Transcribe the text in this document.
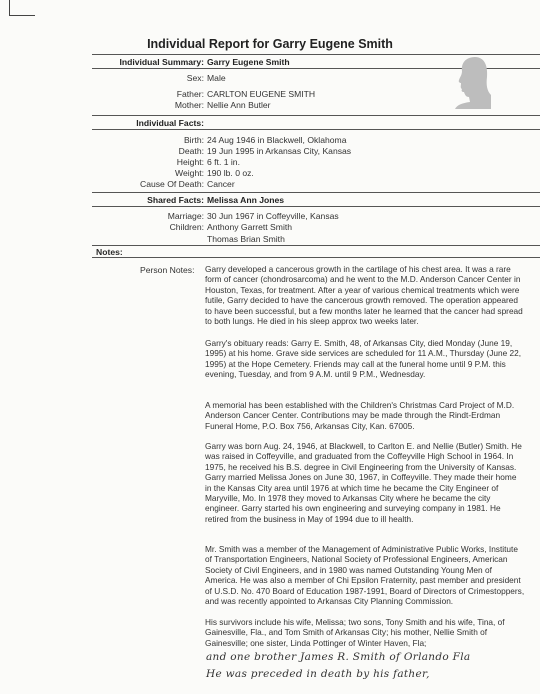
Individual Report for Garry Eugene Smith
Individual Summary: Garry Eugene Smith
Sex: Male
Father: CARLTON EUGENE SMITH
Mother: Nellie Ann Butler
Individual Facts:
Birth: 24 Aug 1946 in Blackwell, Oklahoma
Death: 19 Jun 1995 in Arkansas City, Kansas
Height: 6 ft. 1 in.
Weight: 190 lb. 0 oz.
Cause Of Death: Cancer
Shared Facts: Melissa Ann Jones
Marriage: 30 Jun 1967 in Coffeyville, Kansas
Children: Anthony Garrett Smith
Thomas Brian Smith
Notes:
Person Notes: Garry developed a cancerous growth in the cartilage of his chest area. It was a rare form of cancer (chondrosarcoma) and he went to the M.D. Anderson Cancer Center in Houston, Texas, for treatment. After a year of various chemical treatments which were futile, Garry decided to have the cancerous growth removed. The operation appeared to have been successful, but a few months later he learned that the cancer had spread to both lungs. He died in his sleep approx two weeks later.
Garry's obituary reads: Garry E. Smith, 48, of Arkansas City, died Monday (June 19, 1995) at his home. Grave side services are scheduled for 11 A.M., Thursday (June 22, 1995) at the Hope Cemetery. Friends may call at the funeral home until 9 P.M. this evening, Tuesday, and from 9 A.M. until 9 P.M., Wednesday.
A memorial has been established with the Children's Christmas Card Project of M.D. Anderson Cancer Center. Contributions may be made through the Rindt-Erdman Funeral Home, P.O. Box 756, Arkansas City, Kan. 67005.
Garry was born Aug. 24, 1946, at Blackwell, to Carlton E. and Nellie (Butler) Smith. He was raised in Coffeyville, and graduated from the Coffeyville High School in 1964. In 1975, he received his B.S. degree in Civil Engineering from the University of Kansas. Garry married Melissa Jones on June 30, 1967, in Coffeyville. They made their home in the Kansas City area until 1976 at which time he became the City Engineer of Maryville, Mo. In 1978 they moved to Arkansas City where he became the city engineer. Garry started his own engineering and surveying company in 1981. He retired from the business in May of 1994 due to ill health.
Mr. Smith was a member of the Management of Administrative Public Works, Institute of Transportation Engineers, National Society of Professional Engineers, American Society of Civil Engineers, and in 1980 was named Outstanding Young Men of America. He was also a member of Chi Epsilon Fraternity, past member and president of U.S.D. No. 470 Board of Education 1987-1991, Board of Directors of Crimestoppers, and was recently appointed to Arkansas City Planning Commission.
His survivors include his wife, Melissa; two sons, Tony Smith and his wife, Tina, of Gainesville, Fla., and Tom Smith of Arkansas City; his mother, Nellie Smith of Gainesville; one sister, Linda Pottinger of Winter Haven, Fla;
and one brother James R. Smith of Orlando Fla
He was preceded in death by his father,
